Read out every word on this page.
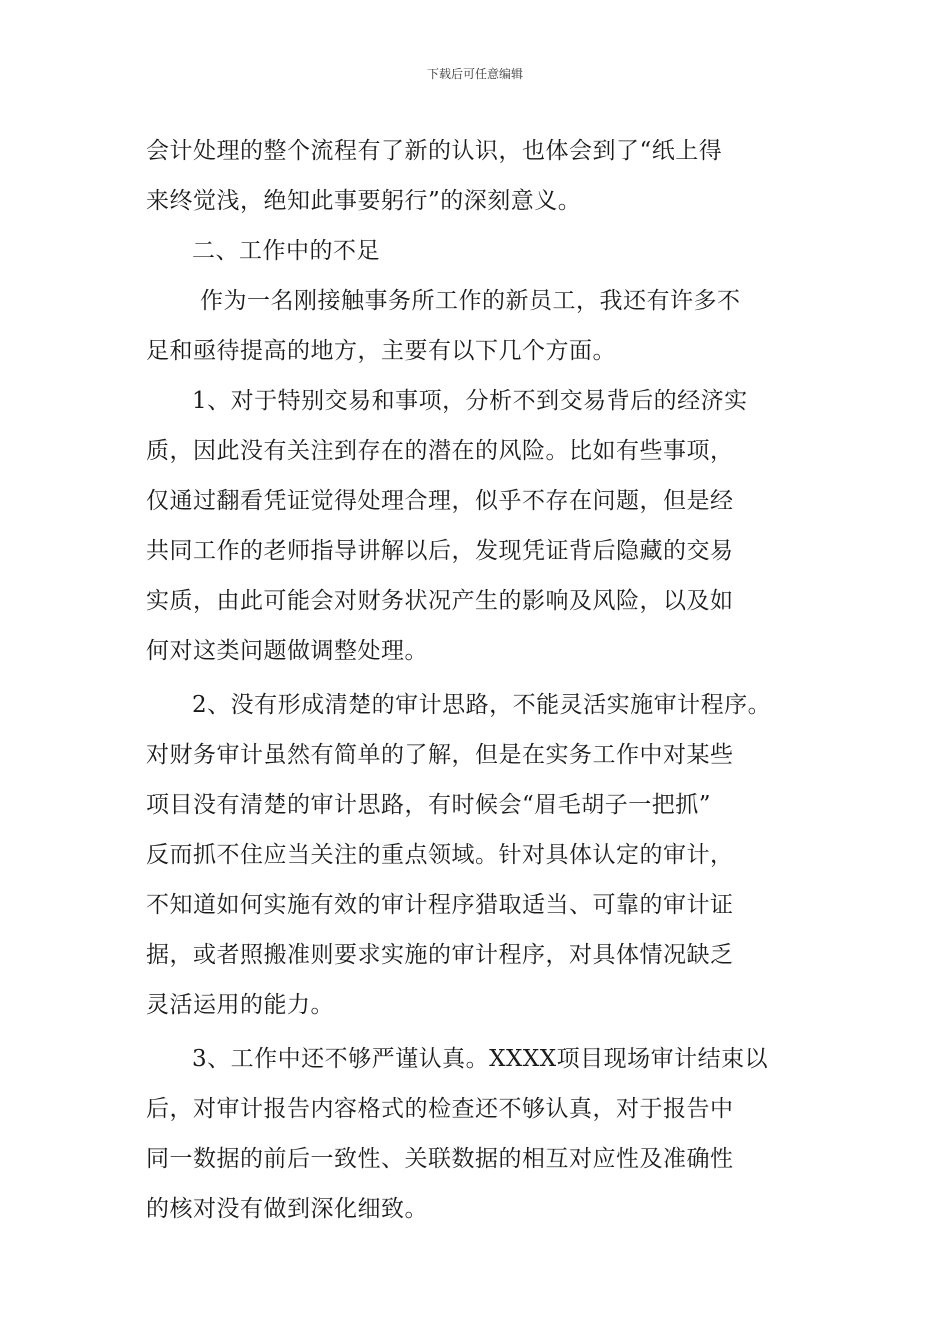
下载后可任意编辑
会计处理的整个流程有了新的认识，也体会到了“纸上得
来终觉浅，绝知此事要躬行”的深刻意义。
二、工作中的不足
作为一名刚接触事务所工作的新员工，我还有许多不
足和亟待提高的地方，主要有以下几个方面。
1、对于特别交易和事项，分析不到交易背后的经济实
质，因此没有关注到存在的潜在的风险。比如有些事项，
仅通过翻看凭证觉得处理合理，似乎不存在问题，但是经
共同工作的老师指导讲解以后，发现凭证背后隐藏的交易
实质，由此可能会对财务状况产生的影响及风险，以及如
何对这类问题做调整处理。
2、没有形成清楚的审计思路，不能灵活实施审计程序。
对财务审计虽然有简单的了解，但是在实务工作中对某些
项目没有清楚的审计思路，有时候会“眉毛胡子一把抓”
反而抓不住应当关注的重点领域。针对具体认定的审计，
不知道如何实施有效的审计程序猎取适当、可靠的审计证
据，或者照搬准则要求实施的审计程序，对具体情况缺乏
灵活运用的能力。
3、工作中还不够严谨认真。XXXX项目现场审计结束以
后，对审计报告内容格式的检查还不够认真，对于报告中
同一数据的前后一致性、关联数据的相互对应性及准确性
的核对没有做到深化细致。
